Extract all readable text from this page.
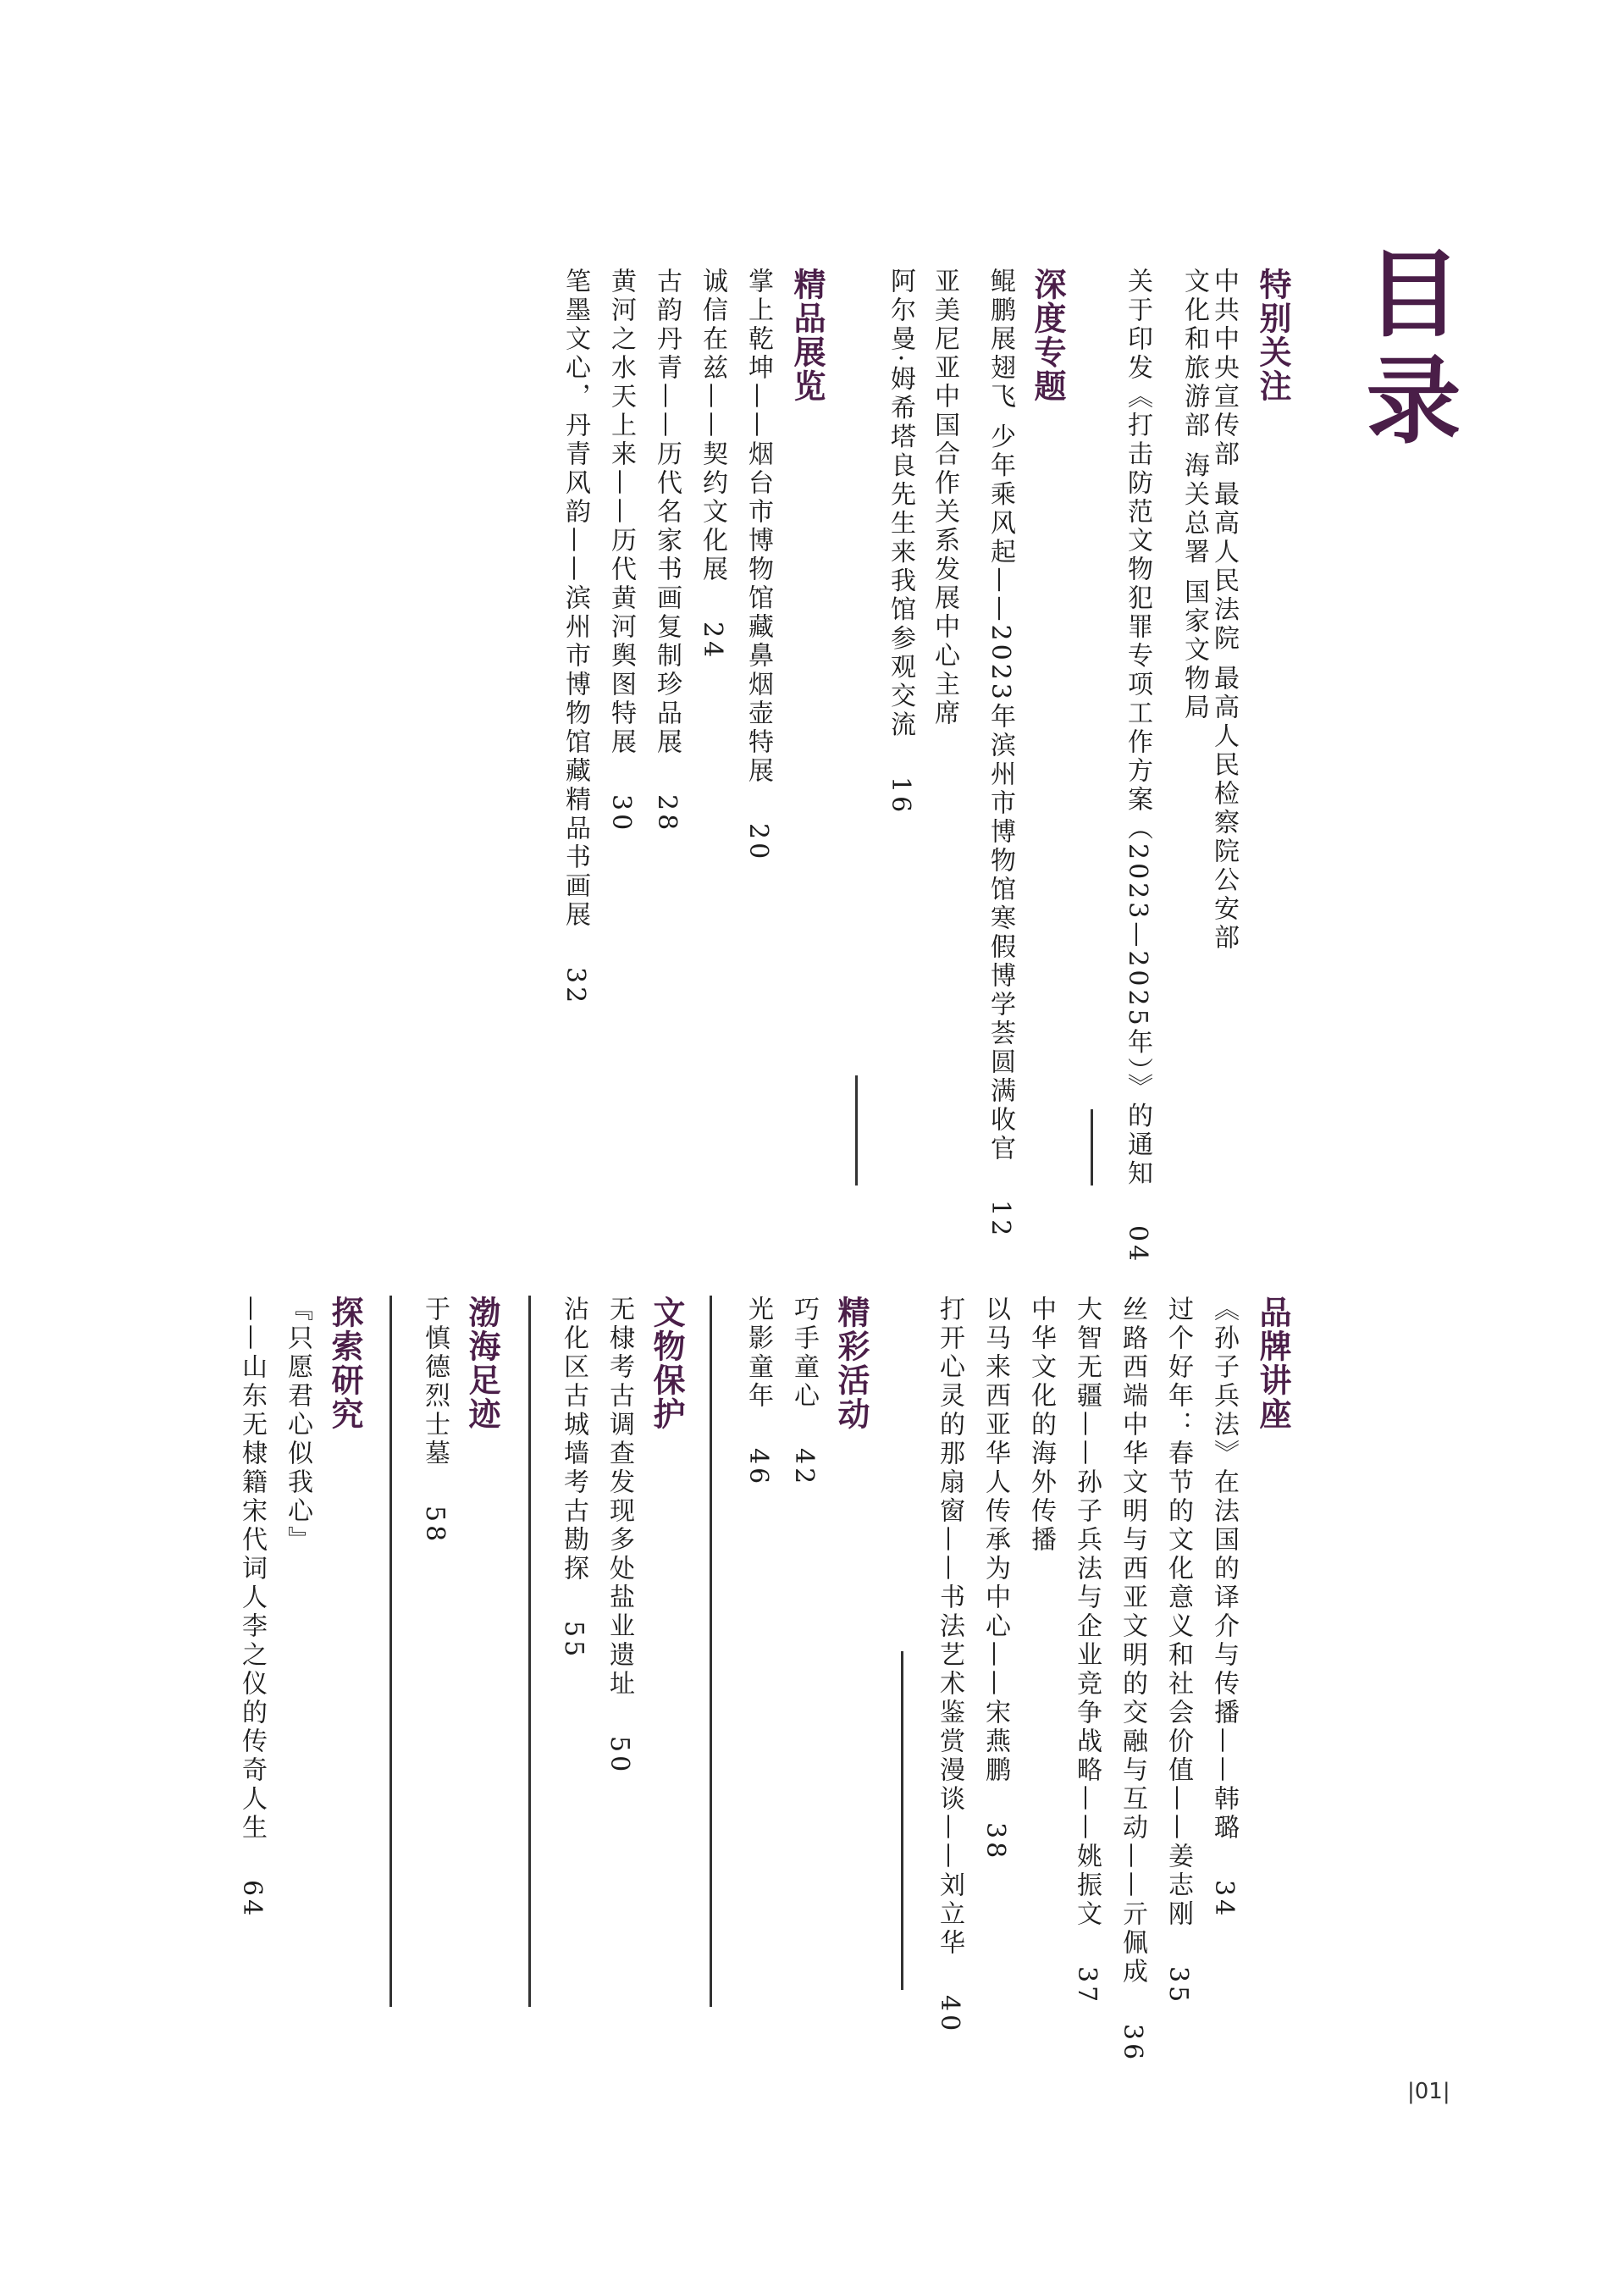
目录
特别关注
中共中央宣传部 最高人民法院 最高人民检察院公安部
文化和旅游部 海关总署 国家文物局
关于印发《打击防范文物犯罪专项工作方案（2023—2025年）》的通知 04
深度专题
鲲鹏展翅飞 少年乘风起——2023年滨州市博物馆寒假博学荟圆满收官 12
亚美尼亚中国合作关系发展中心主席
阿尔曼·姆希塔良先生来我馆参观交流 16
精品展览
掌上乾坤——烟台市博物馆藏鼻烟壶特展 20
诚信在兹——契约文化展 24
古韵丹青——历代名家书画复制珍品展 28
黄河之水天上来——历代黄河舆图特展 30
笔墨文心，丹青风韵——滨州市博物馆藏精品书画展 32
品牌讲座
《孙子兵法》在法国的译介与传播——韩璐 34
过个好年：春节的文化意义和社会价值——姜志刚 35
丝路西端中华文明与西亚文明的交融与互动——亓佩成 36
大智无疆——孙子兵法与企业竞争战略——姚振文 37
中华文化的海外传播
以马来西亚华人传承为中心——宋燕鹏 38
打开心灵的那扇窗——书法艺术鉴赏漫谈——刘立华 40
精彩活动
巧手童心 42
光影童年 46
文物保护
无棣考古调查发现多处盐业遗址 50
沾化区古城墙考古勘探 55
渤海足迹
于慎德烈士墓 58
探索研究
『只愿君心似我心』
——山东无棣籍宋代词人李之仪的传奇人生 64
|01|
